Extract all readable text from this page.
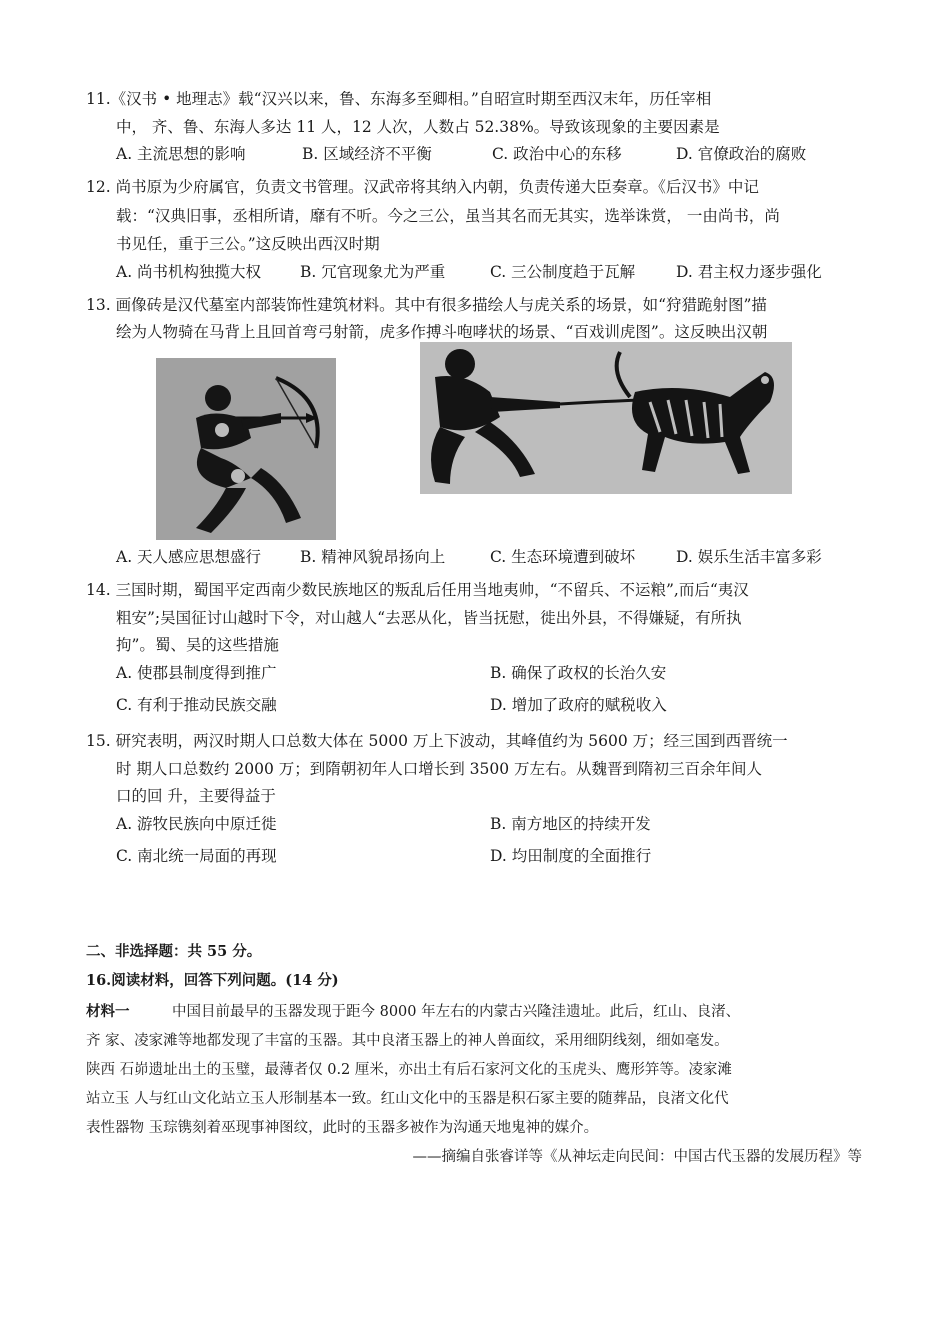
11.《汉书 • 地理志》载“汉兴以来，鲁、东海多至卿相。”自昭宣时期至西汉末年，历任宰相
中， 齐、鲁、东海人多达 11 人，12 人次，人数占 52.38%。导致该现象的主要因素是
A. 主流思想的影响	B. 区域经济不平衡	C. 政治中心的东移	D. 官僚政治的腐败
12. 尚书原为少府属官，负责文书管理。汉武帝将其纳入内朝，负责传递大臣奏章。《后汉书》中记
载：“汉典旧事，丞相所请，靡有不听。今之三公，虽当其名而无其实，选举诛赏， 一由尚书，尚
书见任，重于三公。”这反映出西汉时期
A. 尚书机构独揽大权	B. 冗官现象尤为严重	C. 三公制度趋于瓦解	D. 君主权力逐步强化
13. 画像砖是汉代墓室内部装饰性建筑材料。其中有很多描绘人与虎关系的场景，如“狩猎跪射图”描
绘为人物骑在马背上且回首弯弓射箭，虎多作搏斗咆哮状的场景、“百戏训虎图”。这反映出汉朝
A. 天人感应思想盛行	B. 精神风貌昂扬向上	C. 生态环境遭到破坏	D. 娱乐生活丰富多彩
14. 三国时期，蜀国平定西南少数民族地区的叛乱后任用当地夷帅，“不留兵、不运粮”,而后“夷汉
粗安”;吴国征讨山越时下令，对山越人“去恶从化，皆当抚慰，徙出外县，不得嫌疑，有所执
拘”。蜀、吴的这些措施
A. 使郡县制度得到推广	B. 确保了政权的长治久安
C. 有利于推动民族交融	D. 增加了政府的赋税收入
15. 研究表明，两汉时期人口总数大体在 5000 万上下波动，其峰值约为 5600 万；经三国到西晋统一
时 期人口总数约 2000 万；到隋朝初年人口增长到 3500 万左右。从魏晋到隋初三百余年间人
口的回 升，主要得益于
A. 游牧民族向中原迁徙	B. 南方地区的持续开发
C. 南北统一局面的再现	D. 均田制度的全面推行
二、非选择题：共 55 分。
16.阅读材料，回答下列问题。(14 分)
材料一	中国目前最早的玉器发现于距今 8000 年左右的内蒙古兴隆洼遗址。此后，红山、良渚、
齐 家、凌家滩等地都发现了丰富的玉器。其中良渚玉器上的神人兽面纹，采用细阴线刻，细如毫发。
陕西 石峁遗址出土的玉璧，最薄者仅 0.2 厘米，亦出土有后石家河文化的玉虎头、鹰形笄等。凌家滩
站立玉 人与红山文化站立玉人形制基本一致。红山文化中的玉器是积石冢主要的随葬品，良渚文化代
表性器物 玉琮镌刻着巫现事神图纹，此时的玉器多被作为沟通天地鬼神的媒介。
——摘编自张睿详等《从神坛走向民间：中国古代玉器的发展历程》等
